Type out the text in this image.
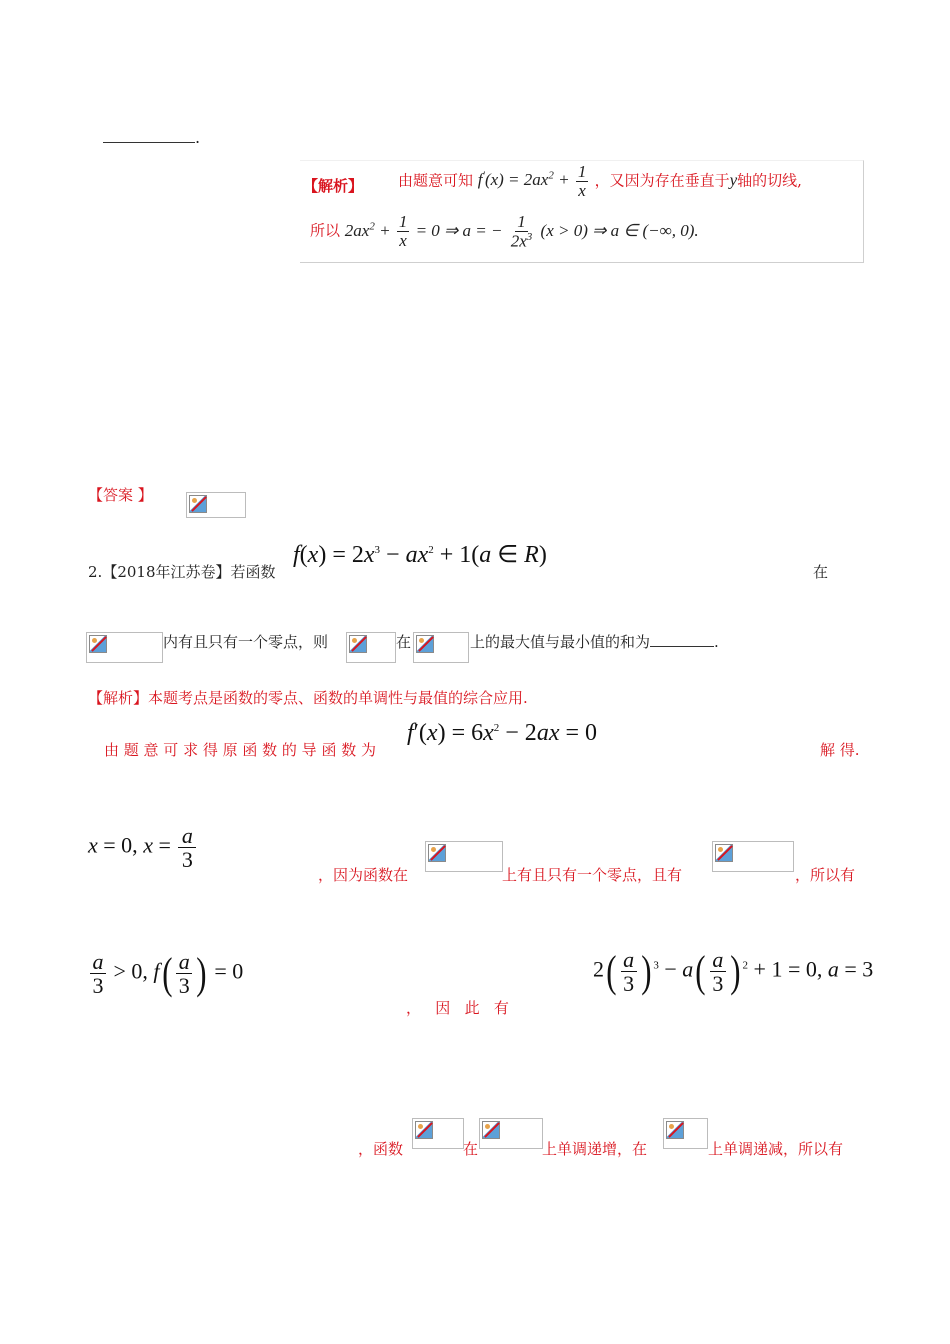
.
【解析】 由题意可知 $f'(x) = 2ax^2 + \frac{1}{x}$ ，又因为存在垂直于y轴的切线,
所以 $2ax^2 + \frac{1}{x} = 0$ ⇒ a = − $\frac{1}{2x^3} (x > 0)$ ⇒ a ∈ (−∞, 0).
【答案 】
2.【2018年江苏卷】若函数
$f(x) = 2x^3 - ax^2 + 1(a$ ∈ R)
在
内有且只有一个零点，则	在	上的最大值与最小值的和为	.
【解析】本题考点是函数的零点、函数的单调性与最值的综合应用.
由 题 意 可 求 得 原 函 数 的 导 函 数 为
$f'(x) = 6x^2 - 2ax = 0$
解 得.
x = 0, $x = \frac{a}{3}$
，因为函数在	上有且只有一个零点，且有	，所以有
$\frac{a}{3} > 0$, $f( \frac{a}{3}$ ) = 0
，   因   此   有
$2( \frac{a}{3}$ ) $^3 - a( \frac{a}{3}$ ) $^2$ + 1 = 0, a = 3
，函数	在	上单调递增，在	上单调递减，所以有
